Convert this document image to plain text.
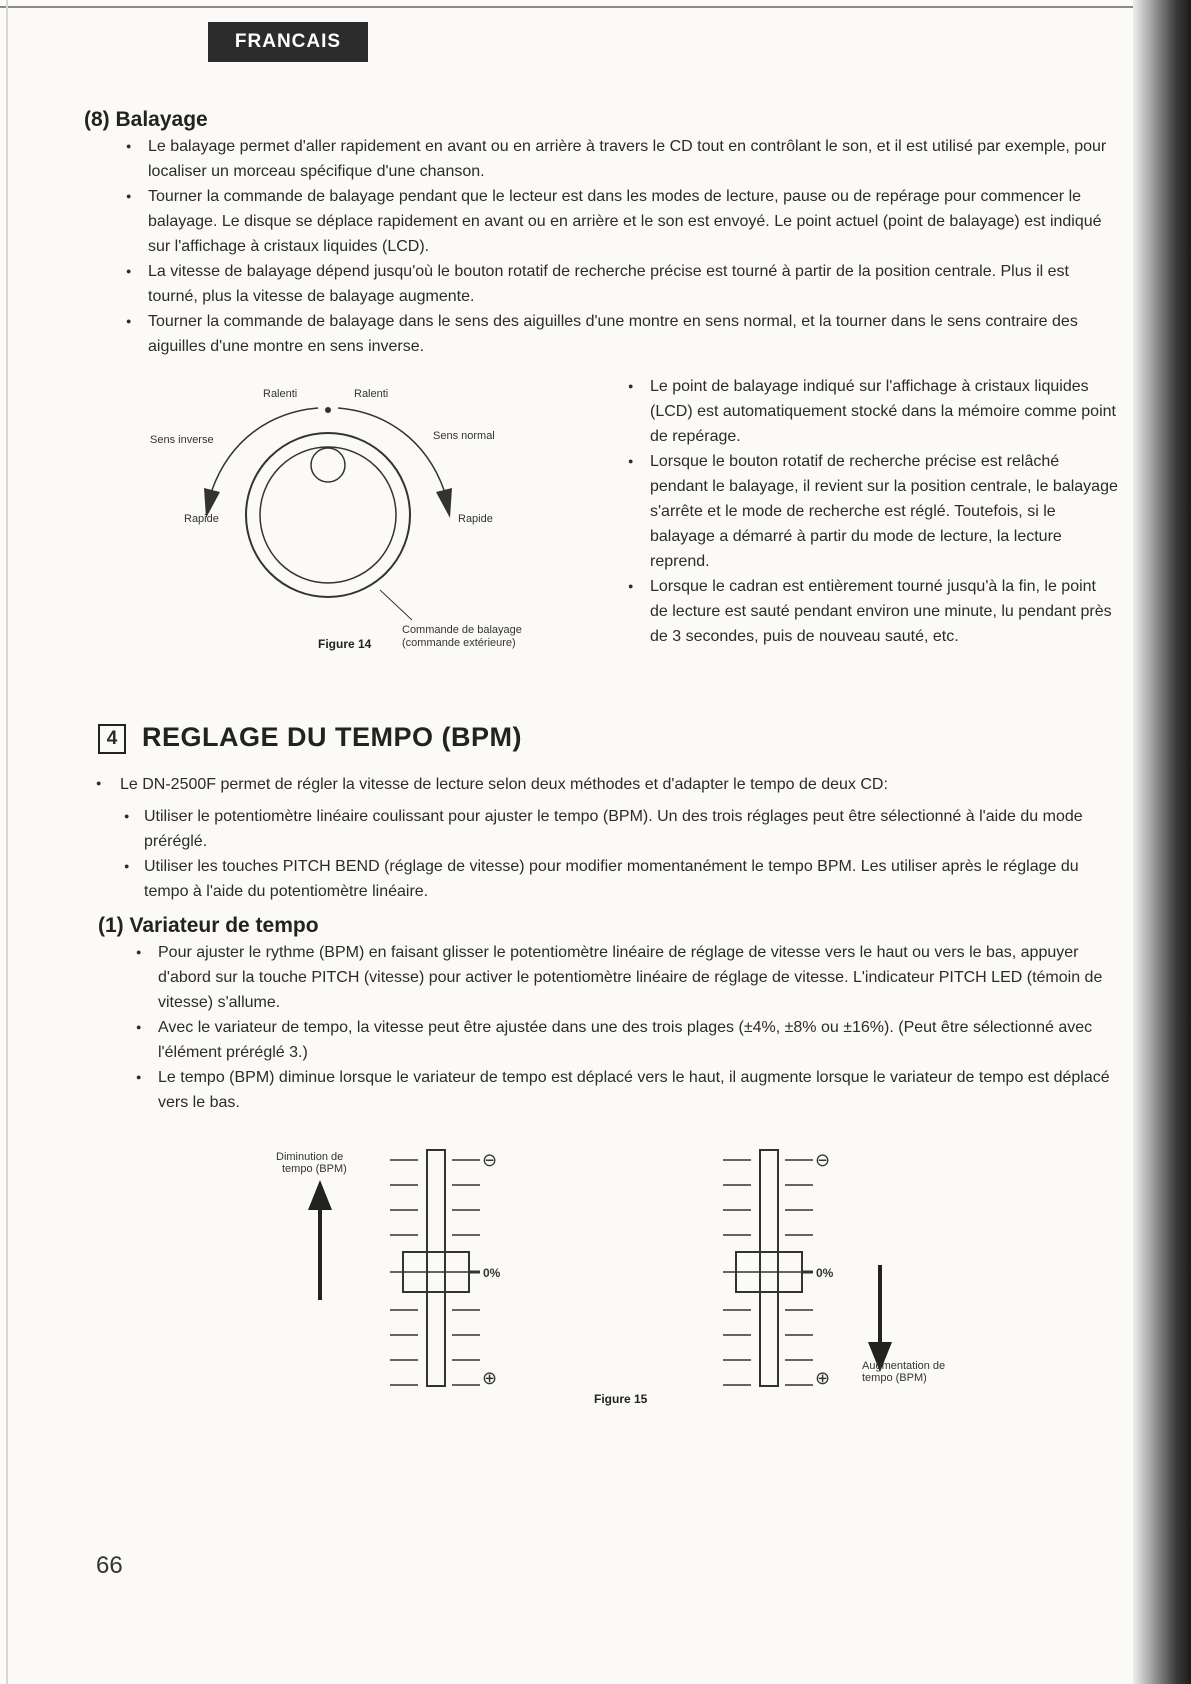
FRANCAIS
(8) Balayage
● Le balayage permet d'aller rapidement en avant ou en arrière à travers le CD tout en contrôlant le son, et il est utilisé par exemple, pour localiser un morceau spécifique d'une chanson.
● Tourner la commande de balayage pendant que le lecteur est dans les modes de lecture, pause ou de repérage pour commencer le balayage. Le disque se déplace rapidement en avant ou en arrière et le son est envoyé. Le point actuel (point de balayage) est indiqué sur l'affichage à cristaux liquides (LCD).
● La vitesse de balayage dépend jusqu'où le bouton rotatif de recherche précise est tourné à partir de la position centrale. Plus il est tourné, plus la vitesse de balayage augmente.
● Tourner la commande de balayage dans le sens des aiguilles d'une montre en sens normal, et la tourner dans le sens contraire des aiguilles d'une montre en sens inverse.
Ralenti	Ralenti
Sens inverse	Sens normal
Rapide	Rapide
Commande de balayage
(commande extérieure)
Figure 14
● Le point de balayage indiqué sur l'affichage à cristaux liquides (LCD) est automatiquement stocké dans la mémoire comme point de repérage.
● Lorsque le bouton rotatif de recherche précise est relâché pendant le balayage, il revient sur la position centrale, le balayage s'arrête et le mode de recherche est réglé. Toutefois, si le balayage a démarré à partir du mode de lecture, la lecture reprend.
● Lorsque le cadran est entièrement tourné jusqu'à la fin, le point de lecture est sauté pendant environ une minute, lu pendant près de 3 secondes, puis de nouveau sauté, etc.
4 REGLAGE DU TEMPO (BPM)
● Le DN-2500F permet de régler la vitesse de lecture selon deux méthodes et d'adapter le tempo de deux CD:
● Utiliser le potentiomètre linéaire coulissant pour ajuster le tempo (BPM). Un des trois réglages peut être sélectionné à l'aide du mode préréglé.
● Utiliser les touches PITCH BEND (réglage de vitesse) pour modifier momentanément le tempo BPM. Les utiliser après le réglage du tempo à l'aide du potentiomètre linéaire.
(1) Variateur de tempo
● Pour ajuster le rythme (BPM) en faisant glisser le potentiomètre linéaire de réglage de vitesse vers le haut ou vers le bas, appuyer d'abord sur la touche PITCH (vitesse) pour activer le potentiomètre linéaire de réglage de vitesse. L'indicateur PITCH LED (témoin de vitesse) s'allume.
● Avec le variateur de tempo, la vitesse peut être ajustée dans une des trois plages (±4%, ±8% ou ±16%). (Peut être sélectionné avec l'élément préréglé 3.)
● Le tempo (BPM) diminue lorsque le variateur de tempo est déplacé vers le haut, il augmente lorsque le variateur de tempo est déplacé vers le bas.
⊖
0%
⊕
Diminution de
tempo (BPM)	⊖
0%
⊕
Augmentation de
tempo (BPM)
Figure 15
66
